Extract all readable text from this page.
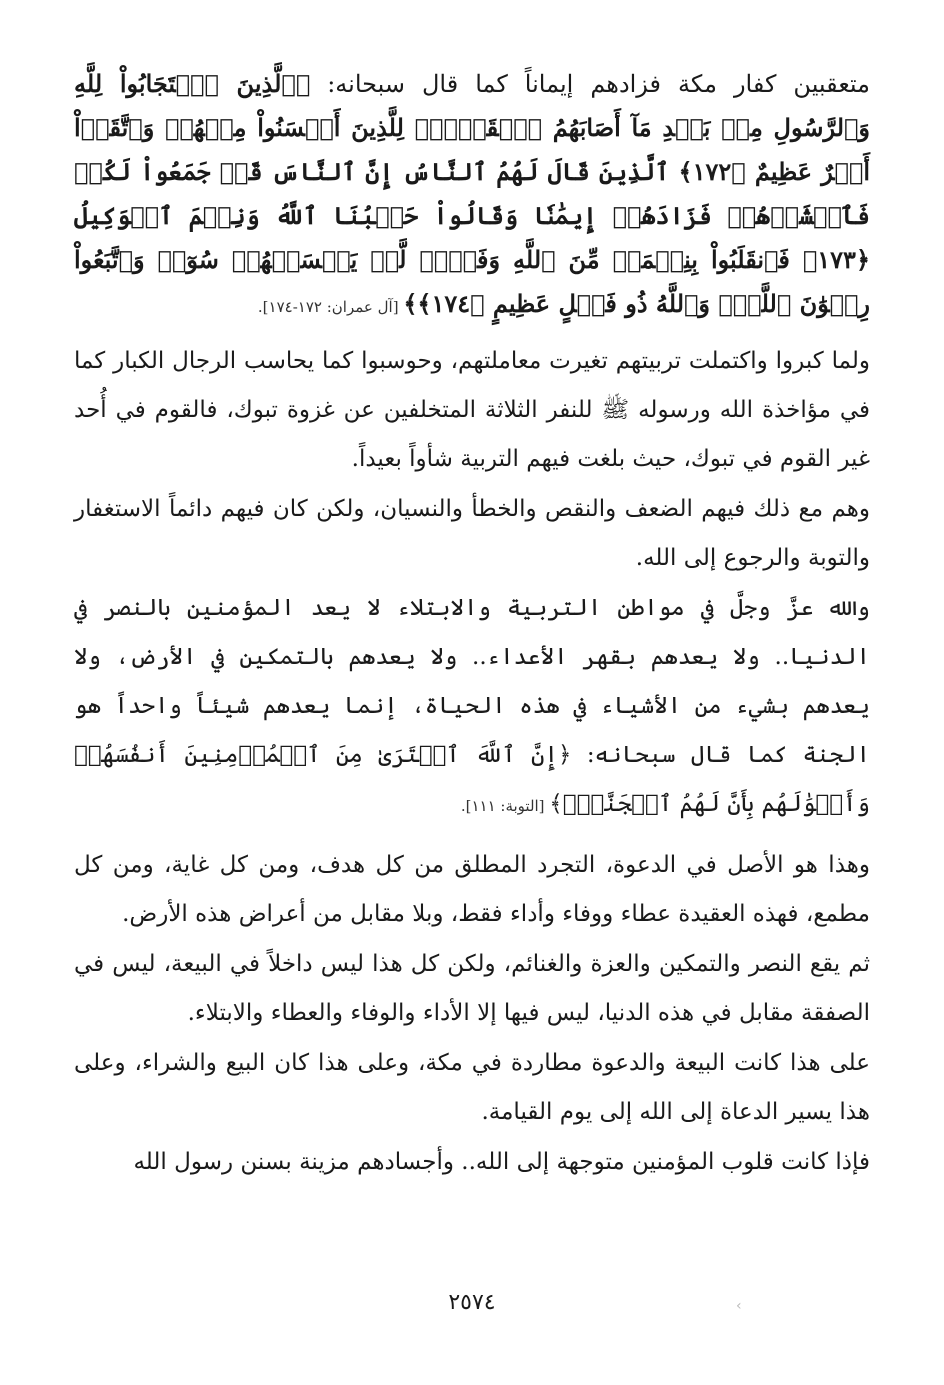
متعقبين كفار مكة فزادهم إيماناً كما قال سبحانه: ﴿ٱلَّذِينَ ٱسۡتَجَابُواْ لِلَّهِ وَٱلرَّسُولِ مِنۢ بَعۡدِ مَآ أَصَابَهُمُ ٱلۡقَرۡحُۚ لِلَّذِينَ أَحۡسَنُواْ مِنۡهُمۡ وَٱتَّقَوۡاْ أَجۡرٌ عَظِيمٌ ﴿١٧٢﴾ ٱلَّذِينَ قَالَ لَهُمُ ٱلنَّاسُ إِنَّ ٱلنَّاسَ قَدۡ جَمَعُواْ لَكُمۡ فَٱخۡشَوۡهُمۡ فَزَادَهُمۡ إِيمَٰنٗا وَقَالُواْ حَسۡبُنَا ٱللَّهُ وَنِعۡمَ ٱلۡوَكِيلُ ﴿١٧٣﴾ فَٱنقَلَبُواْ بِنِعۡمَةٖ مِّنَ ٱللَّهِ وَفَضۡلٖ لَّمۡ يَمۡسَسۡهُمۡ سُوٓءٞ وَٱتَّبَعُواْ رِضۡوَٰنَ ٱللَّهِۗ وَٱللَّهُ ذُو فَضۡلٍ عَظِيمٍ ﴿١٧٤﴾﴾ [آل عمران: ١٧٢-١٧٤].

ولما كبروا واكتملت تربيتهم تغيرت معاملتهم، وحوسبوا كما يحاسب الرجال الكبار كما في مؤاخذة الله ورسوله ﷺ للنفر الثلاثة المتخلفين عن غزوة تبوك، فالقوم في أُحد غير القوم في تبوك، حيث بلغت فيهم التربية شأواً بعيداً.

وهم مع ذلك فيهم الضعف والنقص والخطأ والنسيان، ولكن كان فيهم دائماً الاستغفار والتوبة والرجوع إلى الله.

والله عزَّ وجلَّ في مواطن التربية والابتلاء لا يعد المؤمنين بالنصر في الدنيا.. ولا يعدهم بقهر الأعداء.. ولا يعدهم بالتمكين في الأرض، ولا يعدهم بشيء من الأشياء في هذه الحياة، إنما يعدهم شيئاً واحداً هو الجنة كما قال سبحانه: ﴿إِنَّ ٱللَّهَ ٱشۡتَرَىٰ مِنَ ٱلۡمُؤۡمِنِينَ أَنفُسَهُمۡ وَأَمۡوَٰلَهُم بِأَنَّ لَهُمُ ٱلۡجَنَّةَۚ﴾ [التوبة: ١١١].

وهذا هو الأصل في الدعوة، التجرد المطلق من كل هدف، ومن كل غاية، ومن كل مطمع، فهذه العقيدة عطاء ووفاء وأداء فقط، وبلا مقابل من أعراض هذه الأرض.

ثم يقع النصر والتمكين والعزة والغنائم، ولكن كل هذا ليس داخلاً في البيعة، ليس في الصفقة مقابل في هذه الدنيا، ليس فيها إلا الأداء والوفاء والعطاء والابتلاء.

على هذا كانت البيعة والدعوة مطاردة في مكة، وعلى هذا كان البيع والشراء، وعلى هذا يسير الدعاة إلى الله إلى يوم القيامة.

فإذا كانت قلوب المؤمنين متوجهة إلى الله.. وأجسادهم مزينة بسنن رسول الله

٢٥٧٤	‹
